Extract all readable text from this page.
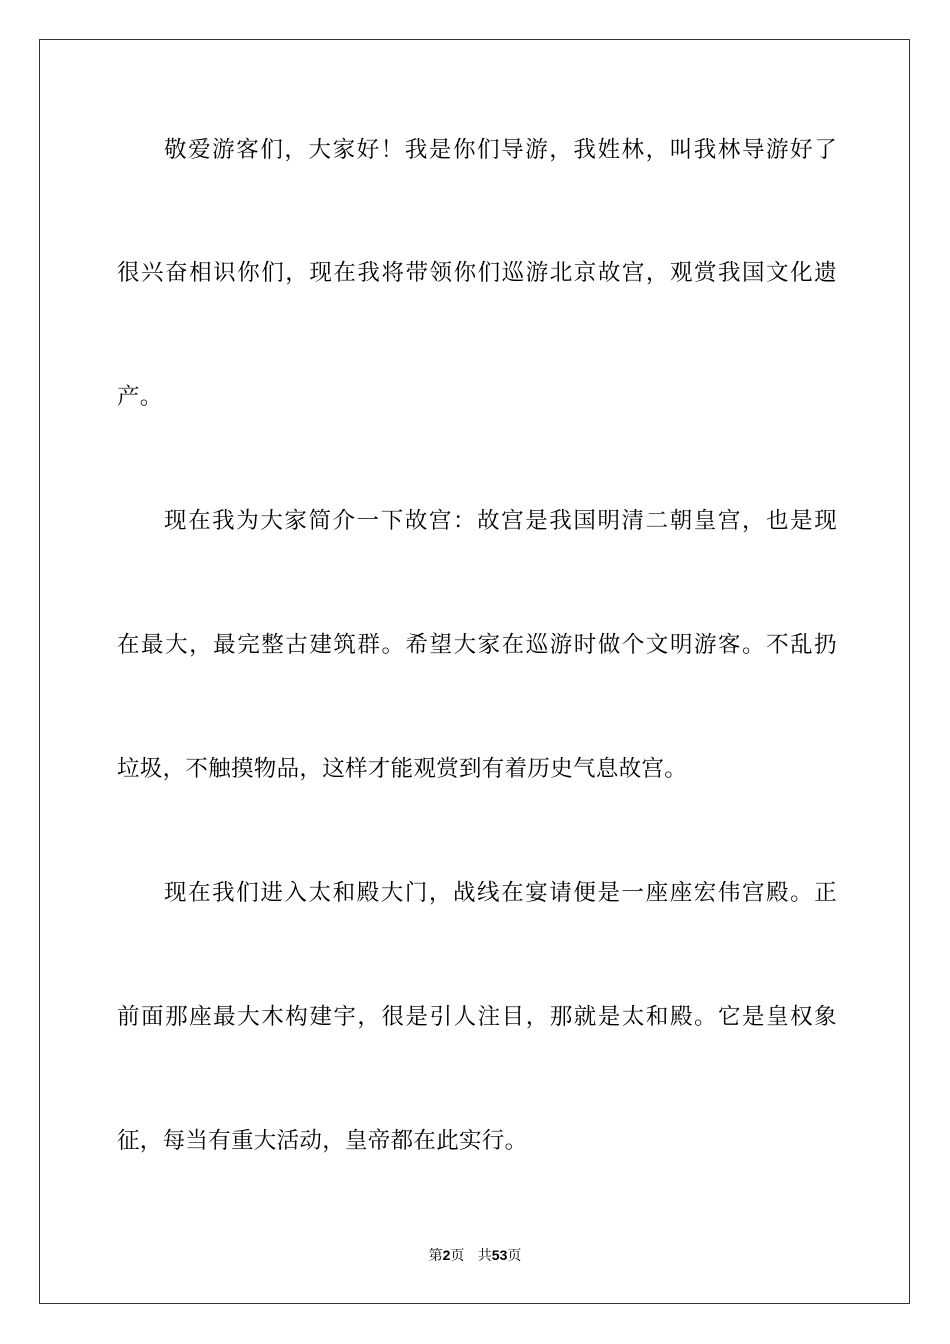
敬爱游客们，大家好！我是你们导游，我姓林，叫我林导游好了
很兴奋相识你们，现在我将带领你们巡游北京故宫，观赏我国文化遗
产。
现在我为大家简介一下故宫：故宫是我国明清二朝皇宫，也是现
在最大，最完整古建筑群。希望大家在巡游时做个文明游客。不乱扔
垃圾，不触摸物品，这样才能观赏到有着历史气息故宫。
现在我们进入太和殿大门，战线在宴请便是一座座宏伟宫殿。正
前面那座最大木构建宇，很是引人注目，那就是太和殿。它是皇权象
征，每当有重大活动，皇帝都在此实行。
第2页 共53页
